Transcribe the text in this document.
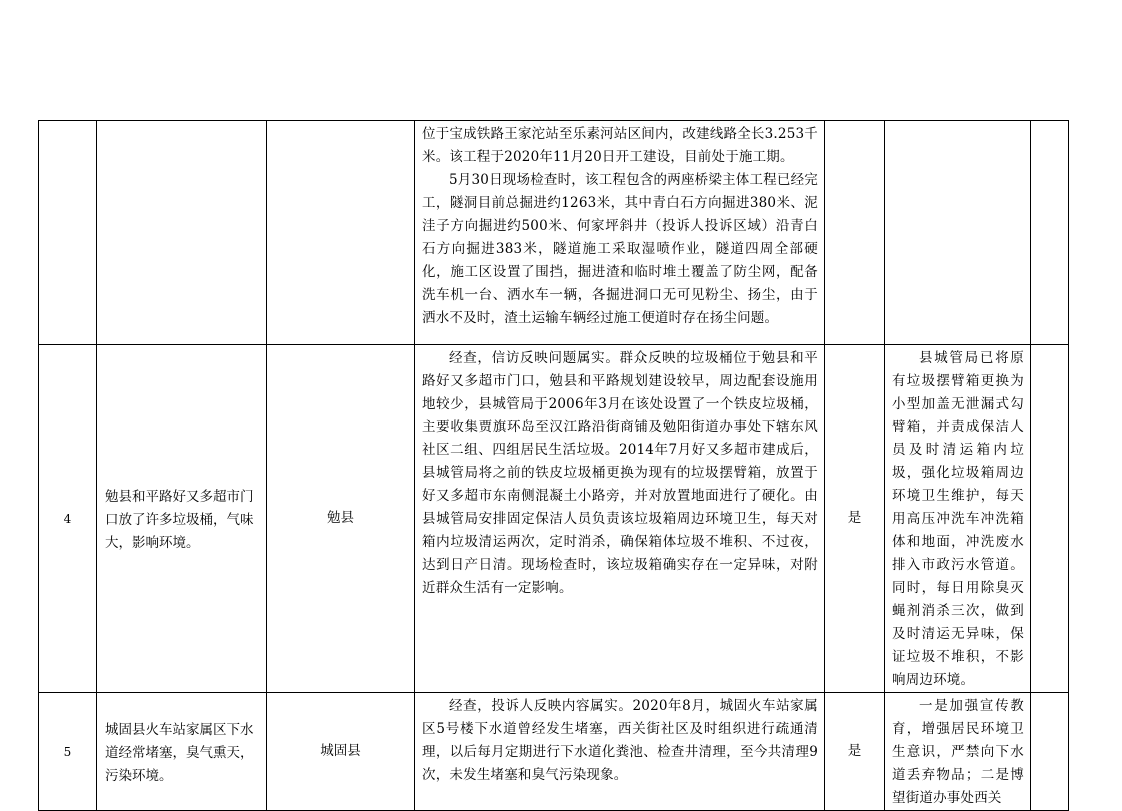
			位于宝成铁路王家沱站至乐素河站区间内，改建线路全长3.253千米。该工程于2020年11月20日开工建设，目前处于施工期。

5月30日现场检查时，该工程包含的两座桥梁主体工程已经完工，隧洞目前总掘进约1263米，其中青白石方向掘进380米、泥洼子方向掘进约500米、何家坪斜井（投诉人投诉区域）沿青白石方向掘进383米，隧道施工采取湿喷作业，隧道四周全部硬化，施工区设置了围挡，掘进渣和临时堆土覆盖了防尘网，配备洗车机一台、洒水车一辆，各掘进洞口无可见粉尘、扬尘，由于洒水不及时，渣土运输车辆经过施工便道时存在扬尘问题。			

4	勉县和平路好又多超市门口放了许多垃圾桶，气味大，影响环境。	勉县	经查，信访反映问题属实。群众反映的垃圾桶位于勉县和平路好又多超市门口，勉县和平路规划建设较早，周边配套设施用地较少，县城管局于2006年3月在该处设置了一个铁皮垃圾桶，主要收集贾旗环岛至汉江路沿街商铺及勉阳街道办事处下辖东风社区二组、四组居民生活垃圾。2014年7月好又多超市建成后，县城管局将之前的铁皮垃圾桶更换为现有的垃圾摆臂箱，放置于好又多超市东南侧混凝土小路旁，并对放置地面进行了硬化。由县城管局安排固定保洁人员负责该垃圾箱周边环境卫生，每天对箱内垃圾清运两次，定时消杀，确保箱体垃圾不堆积、不过夜，达到日产日清。现场检查时，该垃圾箱确实存在一定异味，对附近群众生活有一定影响。	是	县城管局已将原有垃圾摆臂箱更换为小型加盖无泄漏式勾臂箱，并责成保洁人员及时清运箱内垃圾，强化垃圾箱周边环境卫生维护，每天用高压冲洗车冲洗箱体和地面，冲洗废水排入市政污水管道。同时，每日用除臭灭蝇剂消杀三次，做到及时清运无异味，保证垃圾不堆积，不影响周边环境。	

5	城固县火车站家属区下水道经常堵塞，臭气熏天，污染环境。	城固县	经查，投诉人反映内容属实。2020年8月，城固火车站家属区5号楼下水道曾经发生堵塞，西关街社区及时组织进行疏通清理，以后每月定期进行下水道化粪池、检查井清理，至今共清理9次，未发生堵塞和臭气污染现象。	是	一是加强宣传教育，增强居民环境卫生意识，严禁向下水道丢弃物品；二是博望街道办事处西关	
